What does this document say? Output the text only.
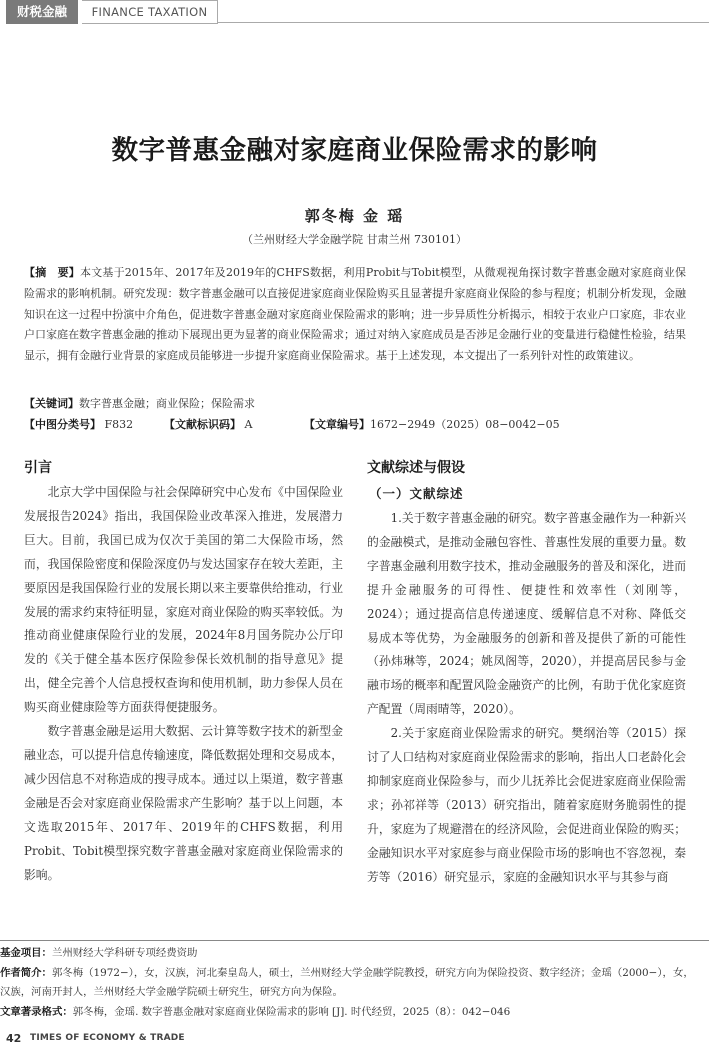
财税金融	FINANCE TAXATION
数字普惠金融对家庭商业保险需求的影响
郭冬梅 金 瑶
（兰州财经大学金融学院 甘肃兰州 730101）
【摘　要】本文基于2015年、2017年及2019年的CHFS数据，利用Probit与Tobit模型，从微观视角探讨数字普惠金融对家庭商业保险需求的影响机制。研究发现：数字普惠金融可以直接促进家庭商业保险购买且显著提升家庭商业保险的参与程度；机制分析发现，金融知识在这一过程中扮演中介角色，促进数字普惠金融对家庭商业保险需求的影响；进一步异质性分析揭示，相较于农业户口家庭，非农业户口家庭在数字普惠金融的推动下展现出更为显著的商业保险需求；通过对纳入家庭成员是否涉足金融行业的变量进行稳健性检验，结果显示，拥有金融行业背景的家庭成员能够进一步提升家庭商业保险需求。基于上述发现，本文提出了一系列针对性的政策建议。
【关键词】数字普惠金融；商业保险；保险需求
【中图分类号】 F832	【文献标识码】 A	【文章编号】1672−2949（2025）08−0042−05
引言

北京大学中国保险与社会保障研究中心发布《中国保险业发展报告2024》指出，我国保险业改革深入推进，发展潜力巨大。目前，我国已成为仅次于美国的第二大保险市场，然而，我国保险密度和保险深度仍与发达国家存在较大差距，主要原因是我国保险行业的发展长期以来主要靠供给推动，行业发展的需求约束特征明显，家庭对商业保险的购买率较低。为推动商业健康保险行业的发展，2024年8月国务院办公厅印发的《关于健全基本医疗保险参保长效机制的指导意见》提出，健全完善个人信息授权查询和使用机制，助力参保人员在购买商业健康险等方面获得便捷服务。

数字普惠金融是运用大数据、云计算等数字技术的新型金融业态，可以提升信息传输速度，降低数据处理和交易成本，减少因信息不对称造成的搜寻成本。通过以上渠道，数字普惠金融是否会对家庭商业保险需求产生影响？基于以上问题，本文选取2015年、2017年、2019年的CHFS数据，利用Probit、Tobit模型探究数字普惠金融对家庭商业保险需求的影响。

文献综述与假设
（一）文献综述

1.关于数字普惠金融的研究。数字普惠金融作为一种新兴的金融模式，是推动金融包容性、普惠性发展的重要力量。数字普惠金融利用数字技术，推动金融服务的普及和深化，进而提升金融服务的可得性、便捷性和效率性（刘刚等，2024）；通过提高信息传递速度、缓解信息不对称、降低交易成本等优势，为金融服务的创新和普及提供了新的可能性（孙炜琳等，2024；姚凤阁等，2020），并提高居民参与金融市场的概率和配置风险金融资产的比例，有助于优化家庭资产配置（周雨晴等，2020）。

2.关于家庭商业保险需求的研究。樊纲治等（2015）探讨了人口结构对家庭商业保险需求的影响，指出人口老龄化会抑制家庭商业保险参与，而少儿抚养比会促进家庭商业保险需求；孙祁祥等（2013）研究指出，随着家庭财务脆弱性的提升，家庭为了规避潜在的经济风险，会促进商业保险的购买；金融知识水平对家庭参与商业保险市场的影响也不容忽视，秦芳等（2016）研究显示，家庭的金融知识水平与其参与商

基金项目：兰州财经大学科研专项经费资助
作者简介：郭冬梅（1972−），女，汉族，河北秦皇岛人，硕士，兰州财经大学金融学院教授，研究方向为保险投资、数字经济；金瑶（2000−），女，汉族，河南开封人，兰州财经大学金融学院硕士研究生，研究方向为保险。
文章著录格式：郭冬梅，金瑶. 数字普惠金融对家庭商业保险需求的影响 [J]. 时代经贸，2025（8）：042−046
42 TIMES OF ECONOMY & TRADE
